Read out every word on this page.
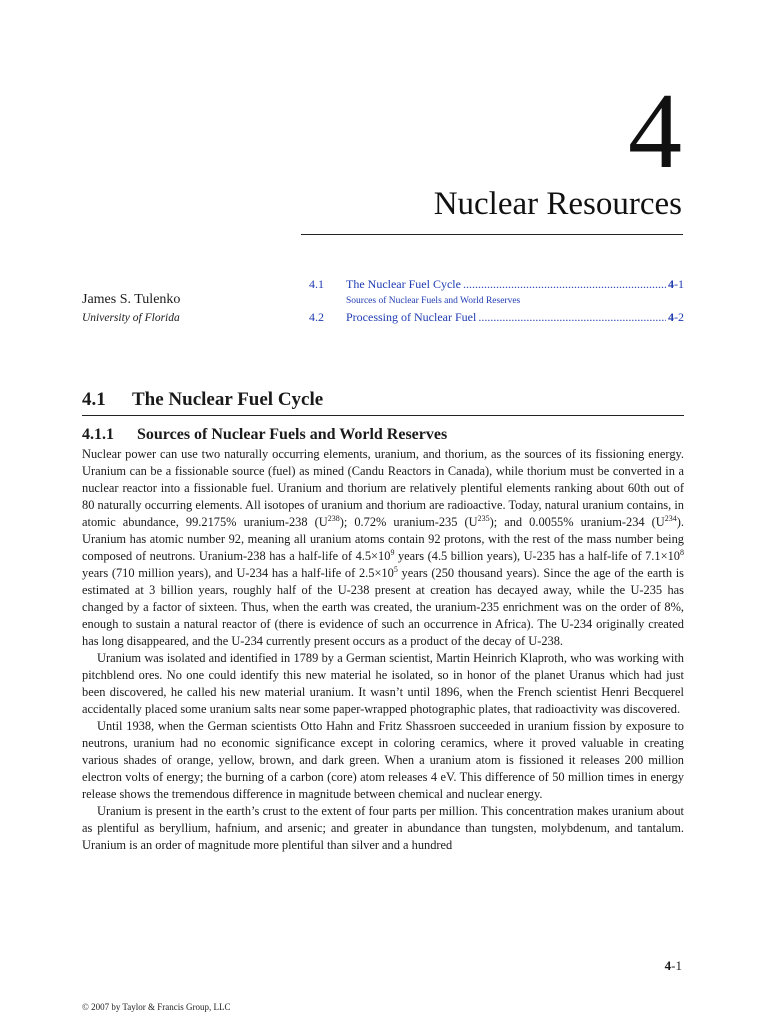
4
Nuclear Resources
James S. Tulenko
University of Florida
4.1	The Nuclear Fuel Cycle .....	4-1
Sources of Nuclear Fuels and World Reserves
4.2	Processing of Nuclear Fuel .....	4-2
4.1 The Nuclear Fuel Cycle
4.1.1 Sources of Nuclear Fuels and World Reserves

Nuclear power can use two naturally occurring elements, uranium, and thorium, as the sources of its fissioning energy. Uranium can be a fissionable source (fuel) as mined (Candu Reactors in Canada), while thorium must be converted in a nuclear reactor into a fissionable fuel. Uranium and thorium are relatively plentiful elements ranking about 60th out of 80 naturally occurring elements. All isotopes of uranium and thorium are radioactive. Today, natural uranium contains, in atomic abundance, 99.2175% uranium-238 $(U^{238})$; 0.72% uranium-235 $(U^{235})$; and 0.0055% uranium-234 $(U^{234})$. Uranium has atomic number 92, meaning all uranium atoms contain 92 protons, with the rest of the mass number being composed of neutrons. Uranium-238 has a half-life of $4.5\times 10^9$ years (4.5 billion years), U-235 has a half-life of $7.1\times 10^8$ years (710 million years), and U-234 has a half-life of $2.5\times 10^5$ years (250 thousand years). Since the age of the earth is estimated at 3 billion years, roughly half of the U-238 present at creation has decayed away, while the U-235 has changed by a factor of sixteen. Thus, when the earth was created, the uranium-235 enrichment was on the order of 8%, enough to sustain a natural reactor of (there is evidence of such an occurrence in Africa). The U-234 originally created has long disappeared, and the U-234 currently present occurs as a product of the decay of U-238.

Uranium was isolated and identified in 1789 by a German scientist, Martin Heinrich Klaproth, who was working with pitchblend ores. No one could identify this new material he isolated, so in honor of the planet Uranus which had just been discovered, he called his new material uranium. It wasn’t until 1896, when the French scientist Henri Becquerel accidentally placed some uranium salts near some paper-wrapped photographic plates, that radioactivity was discovered.

Until 1938, when the German scientists Otto Hahn and Fritz Shassroen succeeded in uranium fission by exposure to neutrons, uranium had no economic significance except in coloring ceramics, where it proved valuable in creating various shades of orange, yellow, brown, and dark green. When a uranium atom is fissioned it releases 200 million electron volts of energy; the burning of a carbon (core) atom releases 4 eV. This difference of 50 million times in energy release shows the tremendous difference in magnitude between chemical and nuclear energy.

Uranium is present in the earth’s crust to the extent of four parts per million. This concentration makes uranium about as plentiful as beryllium, hafnium, and arsenic; and greater in abundance than tungsten, molybdenum, and tantalum. Uranium is an order of magnitude more plentiful than silver and a hundred

4-1
© 2007 by Taylor & Francis Group, LLC
